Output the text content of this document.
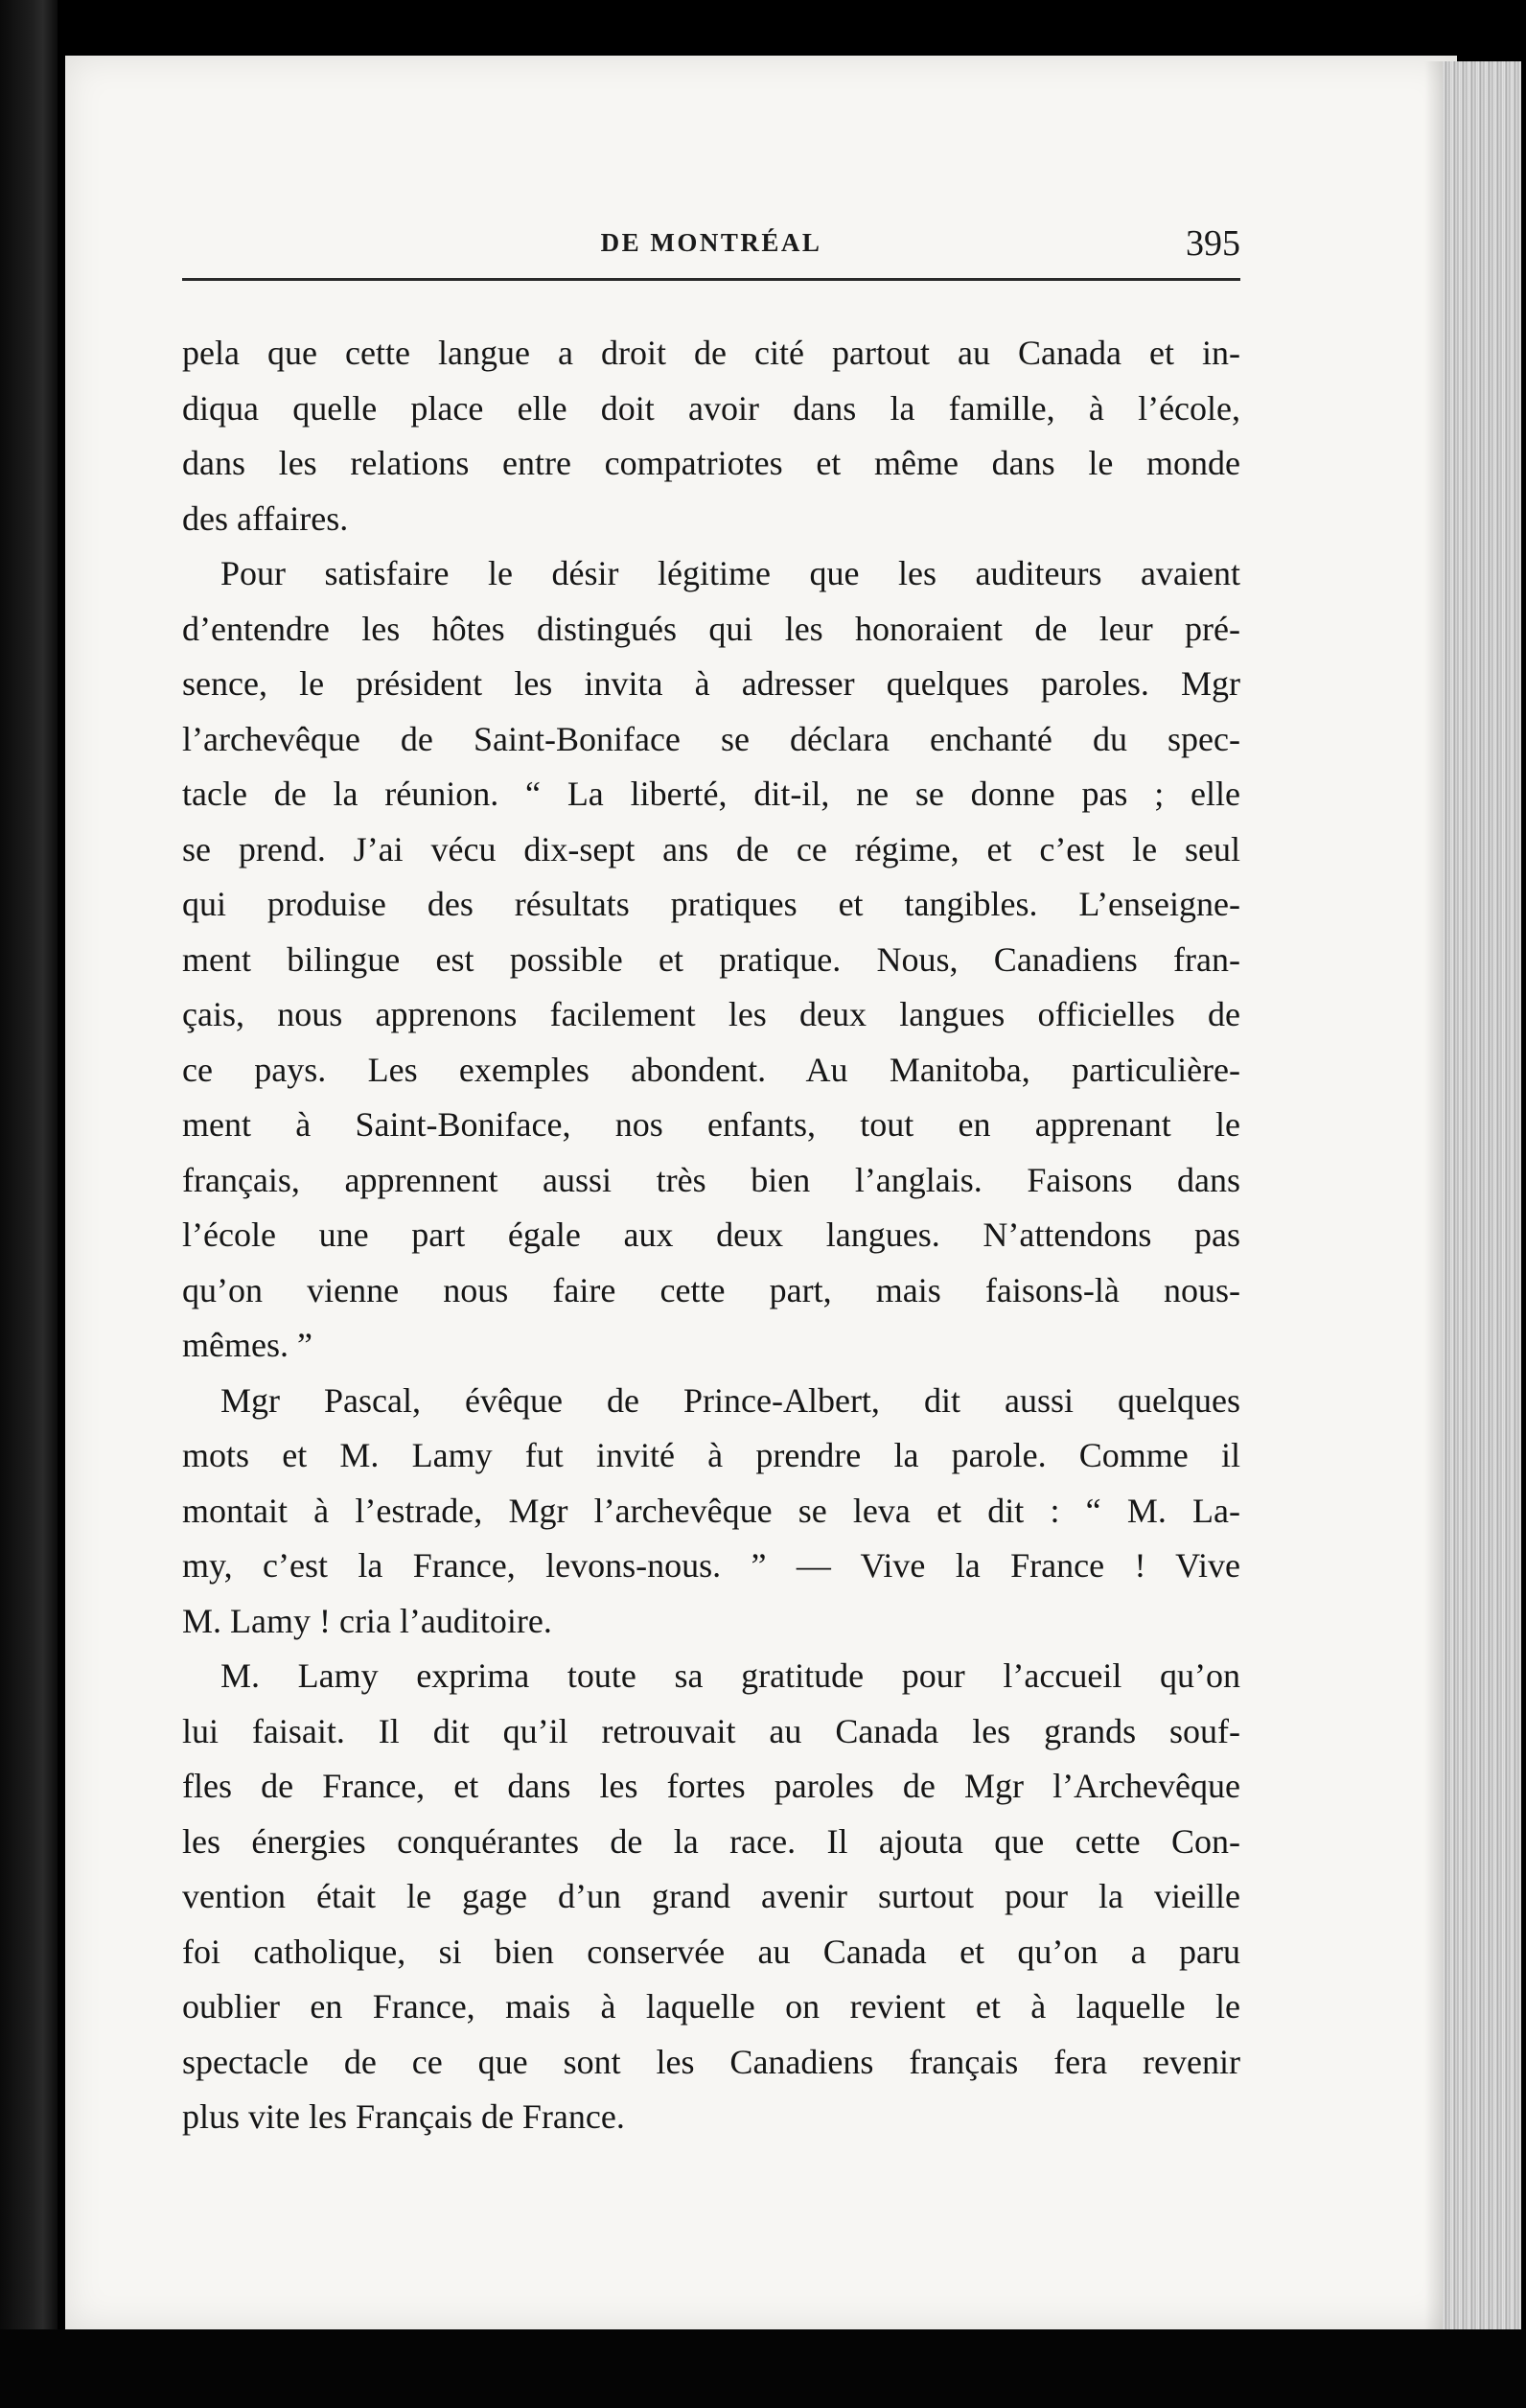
DE MONTRÉAL	395
pela que cette langue a droit de cité partout au Canada et in-
diqua quelle place elle doit avoir dans la famille, à l’école,
dans les relations entre compatriotes et même dans le monde
des affaires.
Pour satisfaire le désir légitime que les auditeurs avaient
d’entendre les hôtes distingués qui les honoraient de leur pré-
sence, le président les invita à adresser quelques paroles. Mgr
l’archevêque de Saint-Boniface se déclara enchanté du spec-
tacle de la réunion. “ La liberté, dit-il, ne se donne pas ; elle
se prend. J’ai vécu dix-sept ans de ce régime, et c’est le seul
qui produise des résultats pratiques et tangibles. L’enseigne-
ment bilingue est possible et pratique. Nous, Canadiens fran-
çais, nous apprenons facilement les deux langues officielles de
ce pays. Les exemples abondent. Au Manitoba, particulière-
ment à Saint-Boniface, nos enfants, tout en apprenant le
français, apprennent aussi très bien l’anglais. Faisons dans
l’école une part égale aux deux langues. N’attendons pas
qu’on vienne nous faire cette part, mais faisons-là nous-
mêmes. ”
Mgr Pascal, évêque de Prince-Albert, dit aussi quelques
mots et M. Lamy fut invité à prendre la parole. Comme il
montait à l’estrade, Mgr l’archevêque se leva et dit : “ M. La-
my, c’est la France, levons-nous. ” — Vive la France ! Vive
M. Lamy ! cria l’auditoire.
M. Lamy exprima toute sa gratitude pour l’accueil qu’on
lui faisait. Il dit qu’il retrouvait au Canada les grands souf-
fles de France, et dans les fortes paroles de Mgr l’Archevêque
les énergies conquérantes de la race. Il ajouta que cette Con-
vention était le gage d’un grand avenir surtout pour la vieille
foi catholique, si bien conservée au Canada et qu’on a paru
oublier en France, mais à laquelle on revient et à laquelle le
spectacle de ce que sont les Canadiens français fera revenir
plus vite les Français de France.
